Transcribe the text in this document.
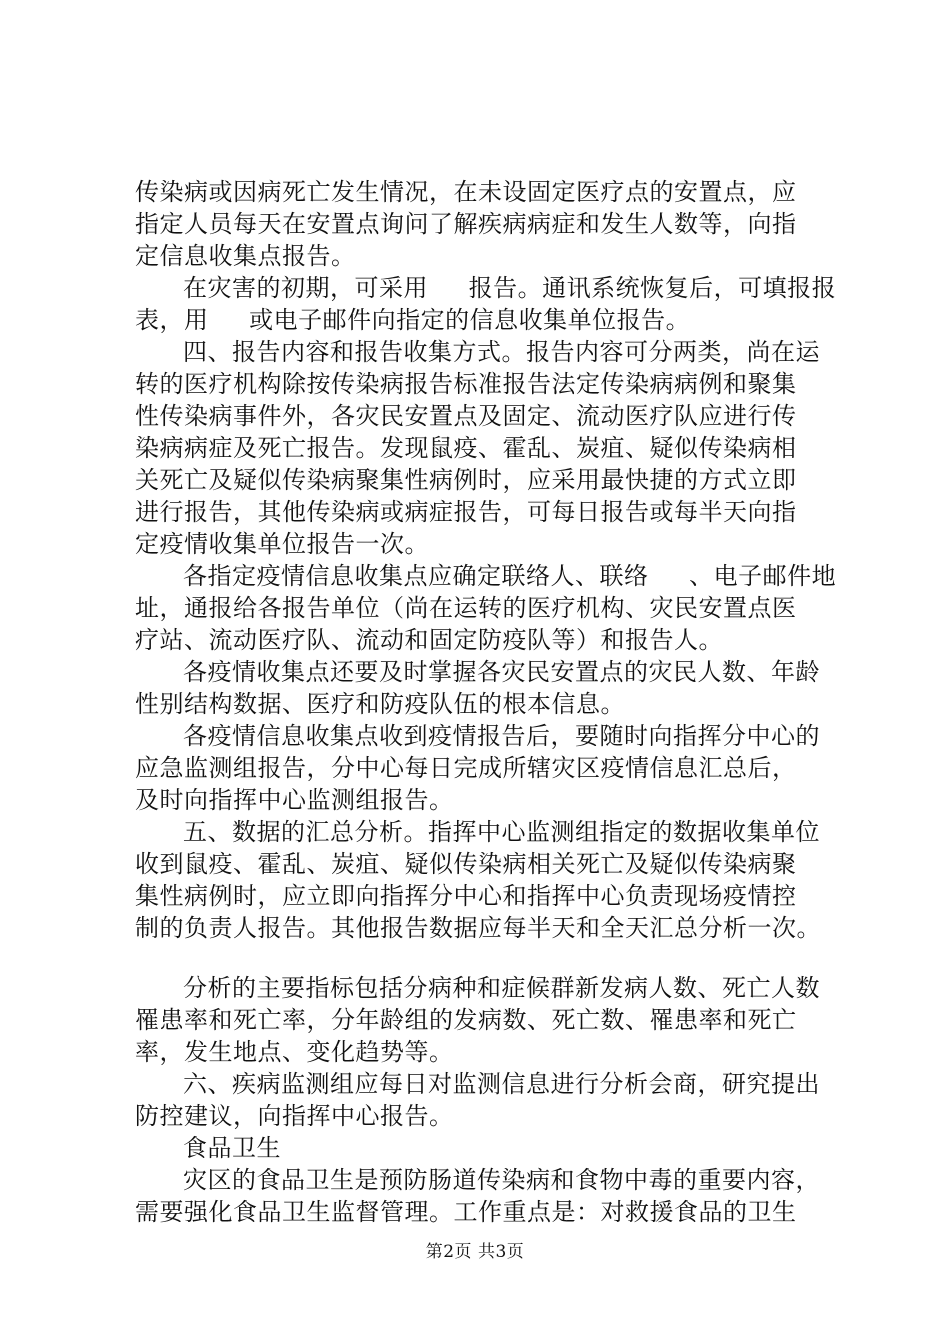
传染病或因病死亡发生情况，在未设固定医疗点的安置点，应
指定人员每天在安置点询问了解疾病病症和发生人数等，向指
定信息收集点报告。
在灾害的初期，可采用     报告。通讯系统恢复后，可填报报
表，用     或电子邮件向指定的信息收集单位报告。
四、报告内容和报告收集方式。报告内容可分两类，尚在运
转的医疗机构除按传染病报告标准报告法定传染病病例和聚集
性传染病事件外，各灾民安置点及固定、流动医疗队应进行传
染病病症及死亡报告。发现鼠疫、霍乱、炭疽、疑似传染病相
关死亡及疑似传染病聚集性病例时，应采用最快捷的方式立即
进行报告，其他传染病或病症报告，可每日报告或每半天向指
定疫情收集单位报告一次。
各指定疫情信息收集点应确定联络人、联络     、电子邮件地
址，通报给各报告单位（尚在运转的医疗机构、灾民安置点医
疗站、流动医疗队、流动和固定防疫队等）和报告人。
各疫情收集点还要及时掌握各灾民安置点的灾民人数、年龄
性别结构数据、医疗和防疫队伍的根本信息。
各疫情信息收集点收到疫情报告后，要随时向指挥分中心的
应急监测组报告，分中心每日完成所辖灾区疫情信息汇总后，
及时向指挥中心监测组报告。
五、数据的汇总分析。指挥中心监测组指定的数据收集单位
收到鼠疫、霍乱、炭疽、疑似传染病相关死亡及疑似传染病聚
集性病例时，应立即向指挥分中心和指挥中心负责现场疫情控
制的负责人报告。其他报告数据应每半天和全天汇总分析一次。
分析的主要指标包括分病种和症候群新发病人数、死亡人数
罹患率和死亡率，分年龄组的发病数、死亡数、罹患率和死亡
率，发生地点、变化趋势等。
六、疾病监测组应每日对监测信息进行分析会商，研究提出
防控建议，向指挥中心报告。
食品卫生
灾区的食品卫生是预防肠道传染病和食物中毒的重要内容，
需要强化食品卫生监督管理。工作重点是：对救援食品的卫生
第2页 共3页
